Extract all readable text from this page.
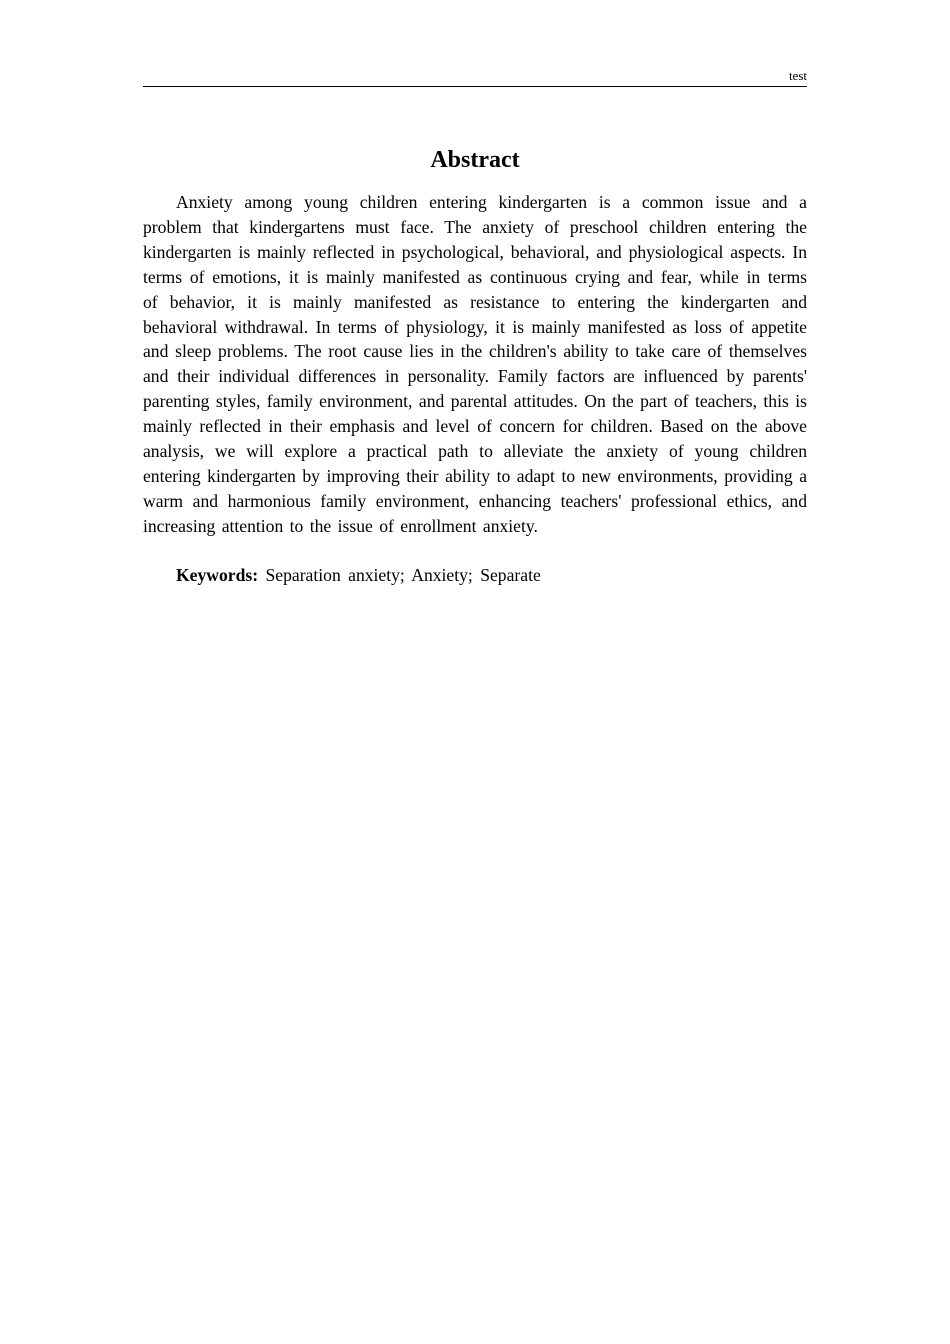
test
Abstract

Anxiety among young children entering kindergarten is a common issue and a problem that kindergartens must face. The anxiety of preschool children entering the kindergarten is mainly reflected in psychological, behavioral, and physiological aspects. In terms of emotions, it is mainly manifested as continuous crying and fear, while in terms of behavior, it is mainly manifested as resistance to entering the kindergarten and behavioral withdrawal. In terms of physiology, it is mainly manifested as loss of appetite and sleep problems. The root cause lies in the children's ability to take care of themselves and their individual differences in personality. Family factors are influenced by parents' parenting styles, family environment, and parental attitudes. On the part of teachers, this is mainly reflected in their emphasis and level of concern for children. Based on the above analysis, we will explore a practical path to alleviate the anxiety of young children entering kindergarten by improving their ability to adapt to new environments, providing a warm and harmonious family environment, enhancing teachers' professional ethics, and increasing attention to the issue of enrollment anxiety.

Keywords: Separation anxiety; Anxiety; Separate
